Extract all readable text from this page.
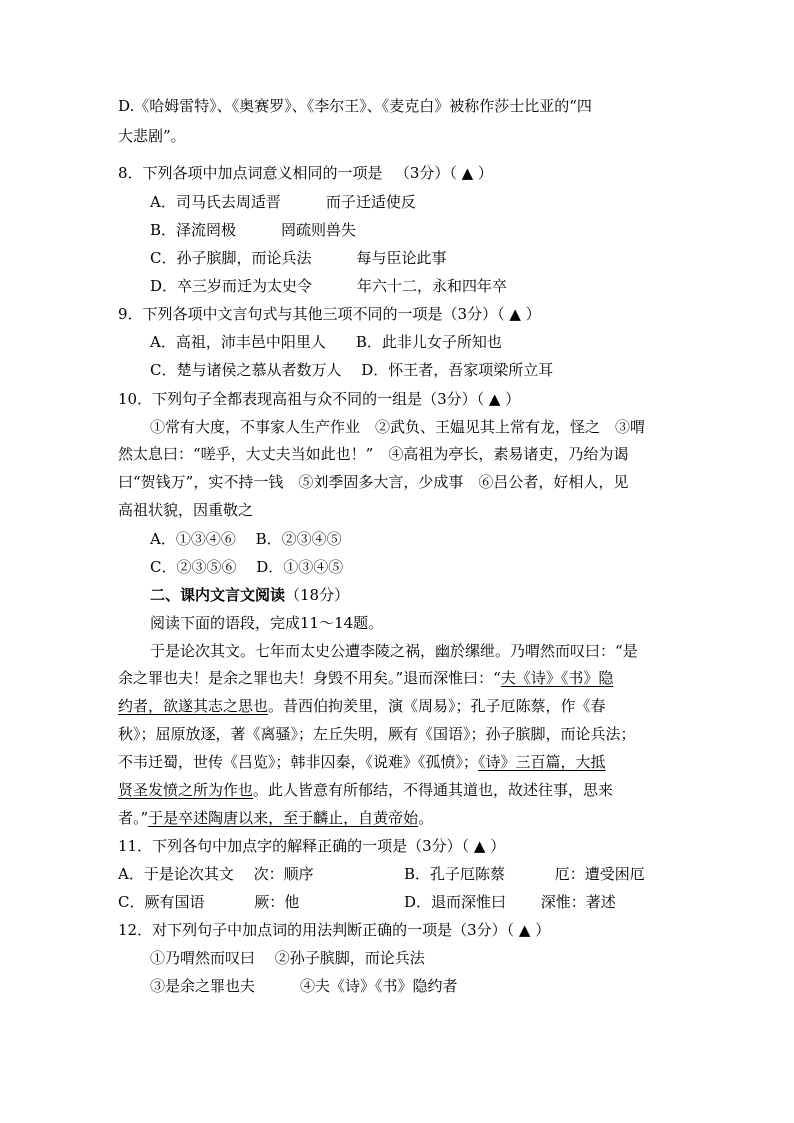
D.《哈姆雷特》、《奥赛罗》、《李尔王》、《麦克白》被称作莎士比亚的“四
大悲剧”。
8．下列各项中加点词意义相同的一项是 　（3分）（ ▲ ）
A．司马氏去周适晋　　　而子迁适使反
B．泽流罔极　　　罔疏则兽失
C．孙子膑脚，而论兵法　　　每与臣论此事
D．卒三岁而迁为太史令　　　年六十二，永和四年卒
9．下列各项中文言句式与其他三项不同的一项是（3分）（ ▲ ）
A．高祖，沛丰邑中阳里人　　B．此非儿女子所知也
C．楚与诸侯之慕从者数万人　 D．怀王者，吾家项梁所立耳
10．下列句子全都表现高祖与众不同的一组是（3分）（ ▲ ）
①常有大度，不事家人生产作业　②武负、王媪见其上常有龙，怪之　③喟
然太息曰：“嗟乎，大丈夫当如此也！”　④高祖为亭长，素易诸吏，乃绐为谒
曰“贺钱万”，实不持一钱　⑤刘季固多大言，少成事　⑥吕公者，好相人，见
高祖状貌，因重敬之
A．①③④⑥　 B．②③④⑤
C．②③⑤⑥　 D．①③④⑤
二、课内文言文阅读（18分）
阅读下面的语段，完成11～14题。
于是论次其文。七年而太史公遭李陵之祸，幽於缧绁。乃喟然而叹曰：“是
余之罪也夫！是余之罪也夫！身毁不用矣。”退而深惟曰：“夫《诗》《书》隐
约者，欲遂其志之思也。昔西伯拘羑里，演《周易》；孔子厄陈蔡，作《春
秋》；屈原放逐，著《离骚》；左丘失明，厥有《国语》；孙子膑脚，而论兵法；
不韦迁蜀，世传《吕览》；韩非囚秦，《说难》《孤愤》；《诗》三百篇，大抵
贤圣发愤之所为作也。此人皆意有所郁结，不得通其道也，故述往事，思来
者。”于是卒述陶唐以来，至于麟止，自黄帝始。
11．下列各句中加点字的解释正确的一项是（3分）（ ▲ ）
A．于是论次其文　 次：顺序	B．孔子厄陈蔡　　　 厄：遭受困厄
C．厥有国语　　　 厥：他	D．退而深惟曰　　 深惟：著述
12．对下列句子中加点词的用法判断正确的一项是（3分）（ ▲ ）
①乃喟然而叹曰　 ②孙子膑脚，而论兵法
③是余之罪也夫　　　④夫《诗》《书》隐约者
